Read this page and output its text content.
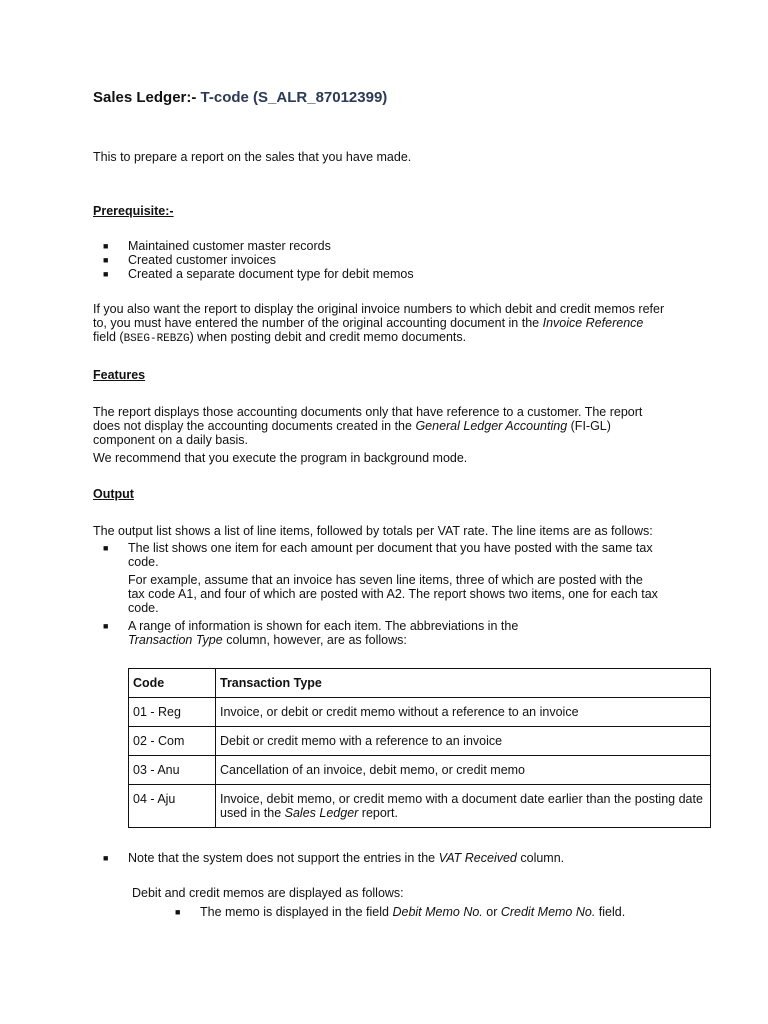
Sales Ledger:- T-code (S_ALR_87012399)
This to prepare a report on the sales that you have made.
Prerequisite:-
■ Maintained customer master records
■ Created customer invoices
■ Created a separate document type for debit memos
If you also want the report to display the original invoice numbers to which debit and credit memos refer to, you must have entered the number of the original accounting document in the Invoice Reference field (BSEG-REBZG) when posting debit and credit memo documents.
Features
The report displays those accounting documents only that have reference to a customer. The report does not display the accounting documents created in the General Ledger Accounting (FI-GL) component on a daily basis.
We recommend that you execute the program in background mode.
Output
The output list shows a list of line items, followed by totals per VAT rate. The line items are as follows:
■ The list shows one item for each amount per document that you have posted with the same tax code.
For example, assume that an invoice has seven line items, three of which are posted with the tax code A1, and four of which are posted with A2. The report shows two items, one for each tax code.
■ A range of information is shown for each item. The abbreviations in the Transaction Type column, however, are as follows:
Code	Transaction Type
01 - Reg	Invoice, or debit or credit memo without a reference to an invoice
02 - Com	Debit or credit memo with a reference to an invoice
03 - Anu	Cancellation of an invoice, debit memo, or credit memo
04 - Aju	Invoice, debit memo, or credit memo with a document date earlier than the posting date used in the Sales Ledger report.
■ Note that the system does not support the entries in the VAT Received column.
Debit and credit memos are displayed as follows:
■ The memo is displayed in the field Debit Memo No. or Credit Memo No. field.
